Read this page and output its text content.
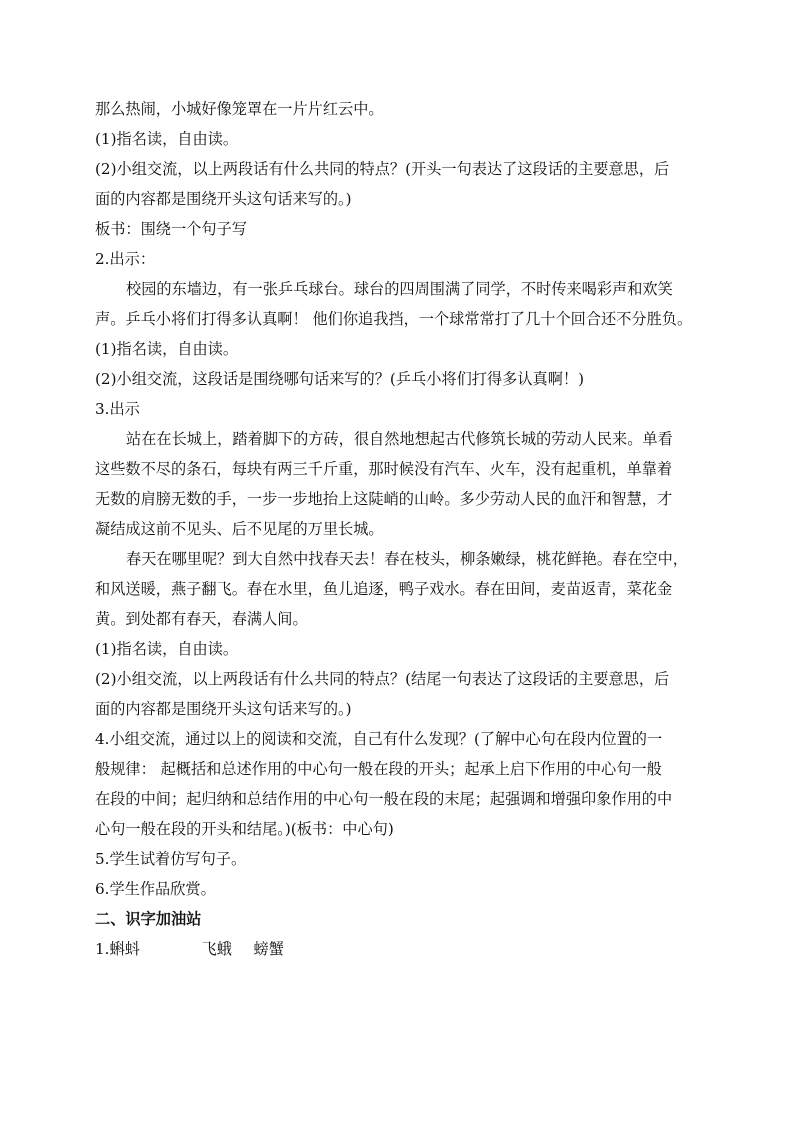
那么热闹，小城好像笼罩在一片片红云中。

(1)指名读，自由读。

(2)小组交流，以上两段话有什么共同的特点？(开头一句表达了这段话的主要意思，后

面的内容都是围绕开头这句话来写的。)

板书：围绕一个句子写

2.出示：

校园的东墙边，有一张乒乓球台。球台的四周围满了同学，不时传来喝彩声和欢笑
声。乒乓小将们打得多认真啊！ 他们你追我挡，一个球常常打了几十个回合还不分胜负。

(1)指名读，自由读。

(2)小组交流，这段话是围绕哪句话来写的？(乒乓小将们打得多认真啊！)

3.出示

站在在长城上，踏着脚下的方砖，很自然地想起古代修筑长城的劳动人民来。单看
这些数不尽的条石，每块有两三千斤重，那时候没有汽车、火车，没有起重机，单靠着
无数的肩膀无数的手，一步一步地抬上这陡峭的山岭。多少劳动人民的血汗和智慧，才
凝结成这前不见头、后不见尾的万里长城。
春天在哪里呢？到大自然中找春天去！春在枝头，柳条嫩绿，桃花鲜艳。春在空中，
和风送暖，燕子翻飞。春在水里，鱼儿追逐，鸭子戏水。春在田间，麦苗返青，菜花金
黄。到处都有春天，春满人间。

(1)指名读，自由读。

(2)小组交流，以上两段话有什么共同的特点？(结尾一句表达了这段话的主要意思，后

面的内容都是围绕开头这句话来写的。)

4.小组交流，通过以上的阅读和交流，自己有什么发现？(了解中心句在段内位置的一

般规律： 起概括和总述作用的中心句一般在段的开头；起承上启下作用的中心句一般

在段的中间；起归纳和总结作用的中心句一般在段的末尾；起强调和增强印象作用的中

心句一般在段的开头和结尾。)(板书：中心句)

5.学生试着仿写句子。

6.学生作品欣赏。

二、识字加油站

1.蝌蚪	飞蛾 螃蟹
